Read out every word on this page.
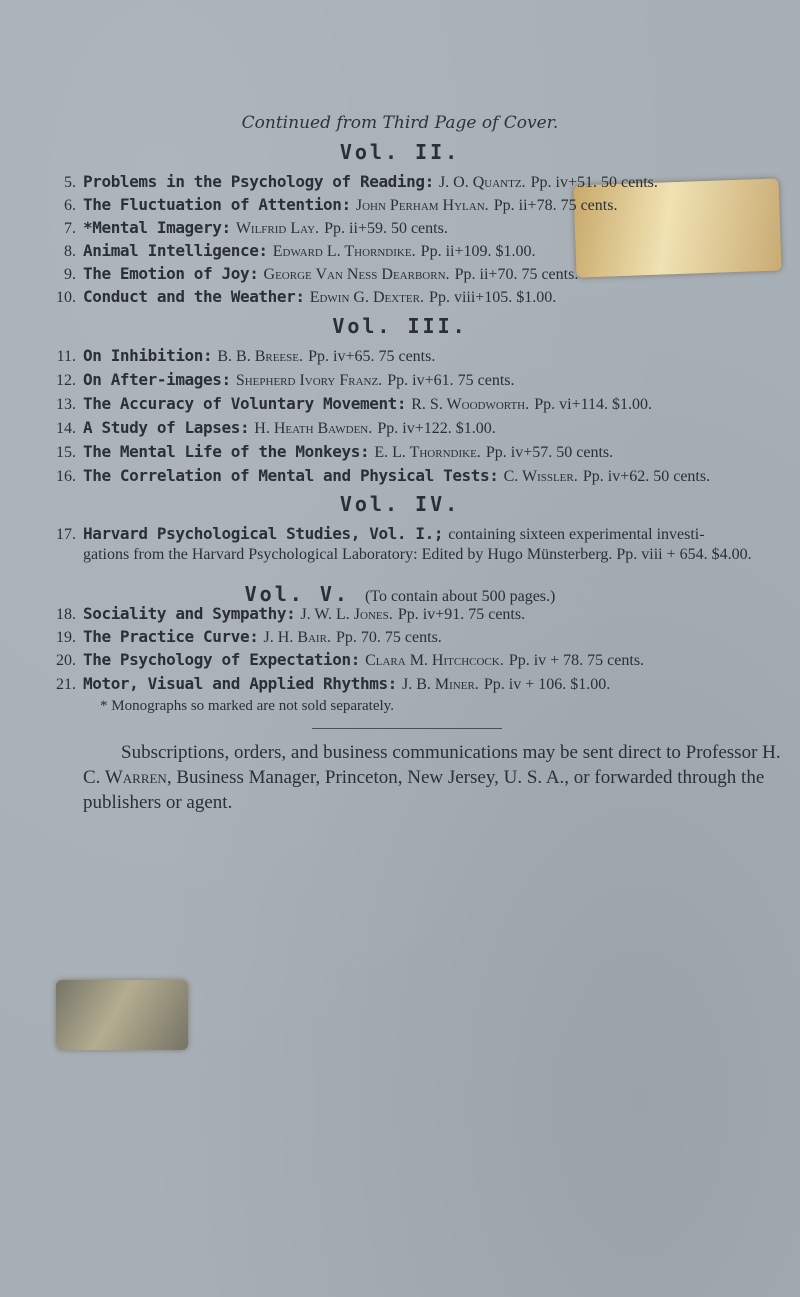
Continued from Third Page of Cover.
Vol. II.
5. Problems in the Psychology of Reading: J. O. Quantz. Pp. iv+51. 50 cents.
6. The Fluctuation of Attention: John Perham Hylan. Pp. ii+78. 75 cents.
7. *Mental Imagery: Wilfrid Lay. Pp. ii+59. 50 cents.
8. Animal Intelligence: Edward L. Thorndike. Pp. ii+109. $1.00.
9. The Emotion of Joy: George Van Ness Dearborn. Pp. ii+70. 75 cents.
10. Conduct and the Weather: Edwin G. Dexter. Pp. viii+105. $1.00.
Vol. III.
11. On Inhibition: B. B. Breese. Pp. iv+65. 75 cents.
12. On After-images: Shepherd Ivory Franz. Pp. iv+61. 75 cents.
13. The Accuracy of Voluntary Movement: R. S. Woodworth. Pp. vi+114. $1.00.
14. A Study of Lapses: H. Heath Bawden. Pp. iv+122. $1.00.
15. The Mental Life of the Monkeys: E. L. Thorndike. Pp. iv+57. 50 cents.
16. The Correlation of Mental and Physical Tests: C. Wissler. Pp. iv+62. 50 cents.
Vol. IV.
17. Harvard Psychological Studies, Vol. I.; containing sixteen experimental investi-
gations from the Harvard Psychological Laboratory: Edited by Hugo Münsterberg. Pp. viii + 654. $4.00.
Vol. V. (To contain about 500 pages.)
18. Sociality and Sympathy: J. W. L. Jones. Pp. iv+91. 75 cents.
19. The Practice Curve: J. H. Bair. Pp. 70. 75 cents.
20. The Psychology of Expectation: Clara M. Hitchcock. Pp. iv + 78. 75 cents.
21. Motor, Visual and Applied Rhythms: J. B. Miner. Pp. iv + 106. $1.00.
* Monographs so marked are not sold separately.
Subscriptions, orders, and business communications may be sent direct to Professor H. C. Warren, Business Manager, Princeton, New Jersey, U. S. A., or forwarded through the publishers or agent.
